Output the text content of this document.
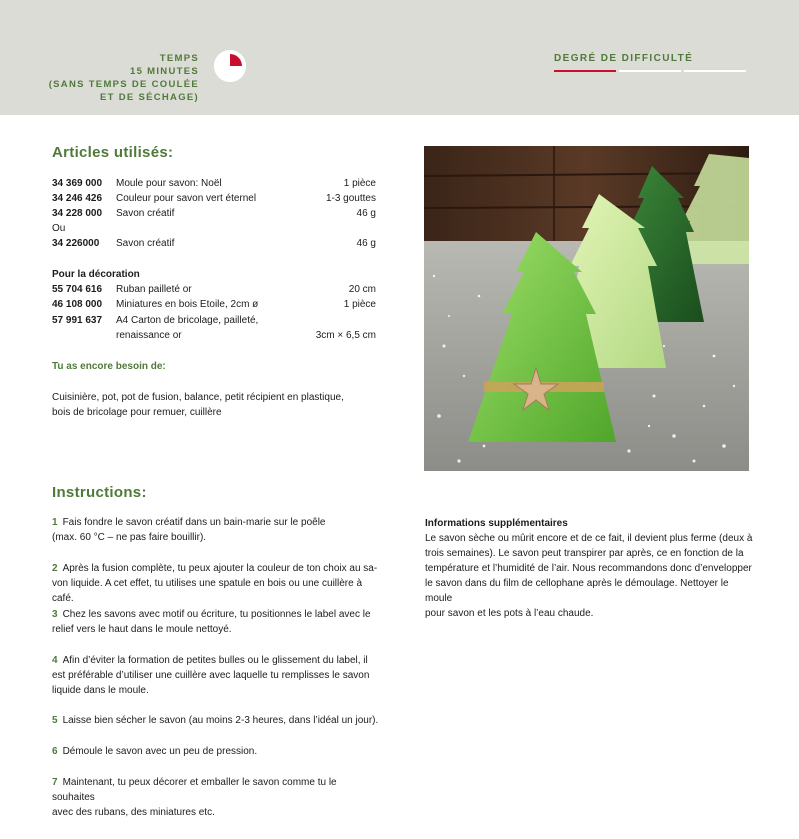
TEMPS
15 MINUTES
(SANS TEMPS DE COULÉE
ET DE SÉCHAGE)
DEGRÉ DE DIFFICULTÉ
Articles utilisés:
34 369 000 Moule pour savon: Noël	1 pièce
34 246 426 Couleur pour savon vert éternel	1-3 gouttes
34 228 000 Savon créatif	46 g
Ou
34 226000 Savon créatif	46 g
Pour la décoration
55 704 616 Ruban pailleté or	20 cm
46 108 000 Miniatures en bois Etoile, 2cm ø	1 pièce
57 991 637 A4 Carton de bricolage, pailleté,
renaissance or	3cm × 6,5 cm
Tu as encore besoin de:
Cuisinière, pot, pot de fusion, balance, petit récipient en plastique,
bois de bricolage pour remuer, cuillère
Instructions:
1 Fais fondre le savon créatif dans un bain-marie sur le poêle
(max. 60 °C – ne pas faire bouillir).
2 Après la fusion complète, tu peux ajouter la couleur de ton choix au sa-
von liquide. A cet effet, tu utilises une spatule en bois ou une cuillère à café.
3 Chez les savons avec motif ou écriture, tu positionnes le label avec le
relief vers le haut dans le moule nettoyé.
4 Afin d’éviter la formation de petites bulles ou le glissement du label, il
est préférable d’utiliser une cuillère avec laquelle tu remplisses le savon
liquide dans le moule.
5 Laisse bien sécher le savon (au moins 2-3 heures, dans l’idéal un jour).
6 Démoule le savon avec un peu de pression.
7 Maintenant, tu peux décorer et emballer le savon comme tu le souhaites
avec des rubans, des miniatures etc.
Informations supplémentaires
Le savon sèche ou mûrit encore et de ce fait, il devient plus ferme (deux à
trois semaines). Le savon peut transpirer par après, ce en fonction de la
température et l’humidité de l’air. Nous recommandons donc d’envelopper
le savon dans du film de cellophane après le démoulage. Nettoyer le moule
pour savon et les pots à l’eau chaude.
